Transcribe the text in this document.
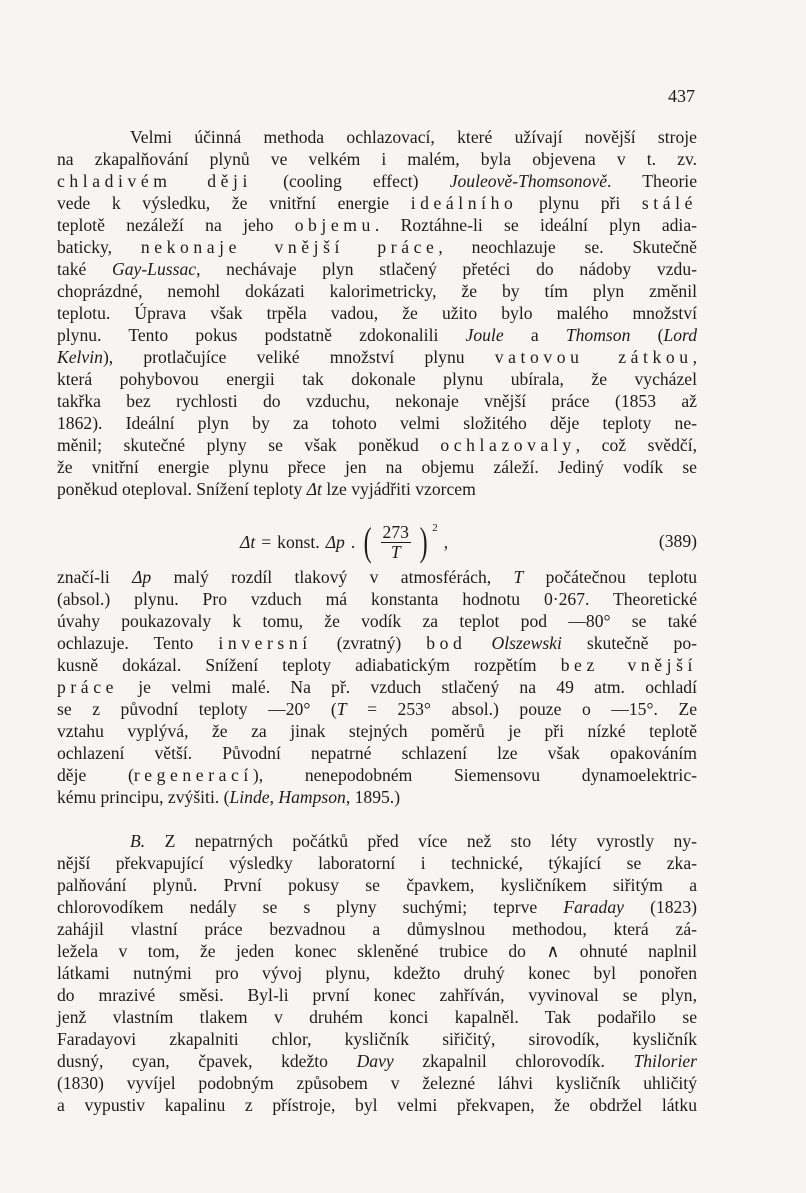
437
Velmi účinná methoda ochlazovací, které užívají novější stroje
na zkapalňování plynů ve velkém i malém, byla objevena v t. zv.
chladivém ději (cooling effect) Jouleově-Thomsonově. Theorie
vede k výsledku, že vnitřní energie ideálního plynu při stálé
teplotě nezáleží na jeho objemu. Roztáhne-li se ideální plyn adia-
baticky, nekonaje vnější práce, neochlazuje se. Skutečně
také Gay-Lussac, nechávaje plyn stlačený přetéci do nádoby vzdu-
choprázdné, nemohl dokázati kalorimetricky, že by tím plyn změnil
teplotu. Úprava však trpěla vadou, že užito bylo malého množství
plynu. Tento pokus podstatně zdokonalili Joule a Thomson (Lord
Kelvin), protlačujíce veliké množství plynu vatovou zátkou,
která pohybovou energii tak dokonale plynu ubírala, že vycházel
takřka bez rychlosti do vzduchu, nekonaje vnější práce (1853 až
1862). Ideální plyn by za tohoto velmi složitého děje teploty ne-
měnil; skutečné plyny se však poněkud ochlazovaly, což svědčí,
že vnitřní energie plynu přece jen na objemu záleží. Jediný vodík se
poněkud oteploval. Snížení teploty Δt lze vyjádřiti vzorcem
Δt = konst. Δp . ( $\frac{273}{T}$ ) 2
,	(389)
značí-li Δp malý rozdíl tlakový v atmosférách, T počátečnou teplotu
(absol.) plynu. Pro vzduch má konstanta hodnotu 0·267. Theoretické
úvahy poukazovaly k tomu, že vodík za teplot pod —80° se také
ochlazuje. Tento inversní (zvratný) bod Olszewski skutečně po-
kusně dokázal. Snížení teploty adiabatickým rozpětím bez vnější
práce je velmi malé. Na př. vzduch stlačený na 49 atm. ochladí
se z původní teploty —20° (T = 253° absol.) pouze o —15°. Ze
vztahu vyplývá, že za jinak stejných poměrů je při nízké teplotě
ochlazení větší. Původní nepatrné schlazení lze však opakováním
děje (regenerací), nenepodobném Siemensovu dynamoelektric-
kému principu, zvýšiti. (Linde, Hampson, 1895.)
B. Z nepatrných počátků před více než sto léty vyrostly ny-
nější překvapující výsledky laboratorní i technické, týkající se zka-
palňování plynů. První pokusy se čpavkem, kysličníkem siřitým a
chlorovodíkem nedály se s plyny suchými; teprve Faraday (1823)
zahájil vlastní práce bezvadnou a důmyslnou methodou, která zá-
ležela v tom, že jeden konec skleněné trubice do ∧ ohnuté naplnil
látkami nutnými pro vývoj plynu, kdežto druhý konec byl ponořen
do mrazivé směsi. Byl-li první konec zahříván, vyvinoval se plyn,
jenž vlastním tlakem v druhém konci kapalněl. Tak podařilo se
Faradayovi zkapalniti chlor, kysličník siřičitý, sirovodík, kysličník
dusný, cyan, čpavek, kdežto Davy zkapalnil chlorovodík. Thilorier
(1830) vyvíjel podobným způsobem v železné láhvi kysličník uhličitý
a vypustiv kapalinu z přístroje, byl velmi překvapen, že obdržel látku
